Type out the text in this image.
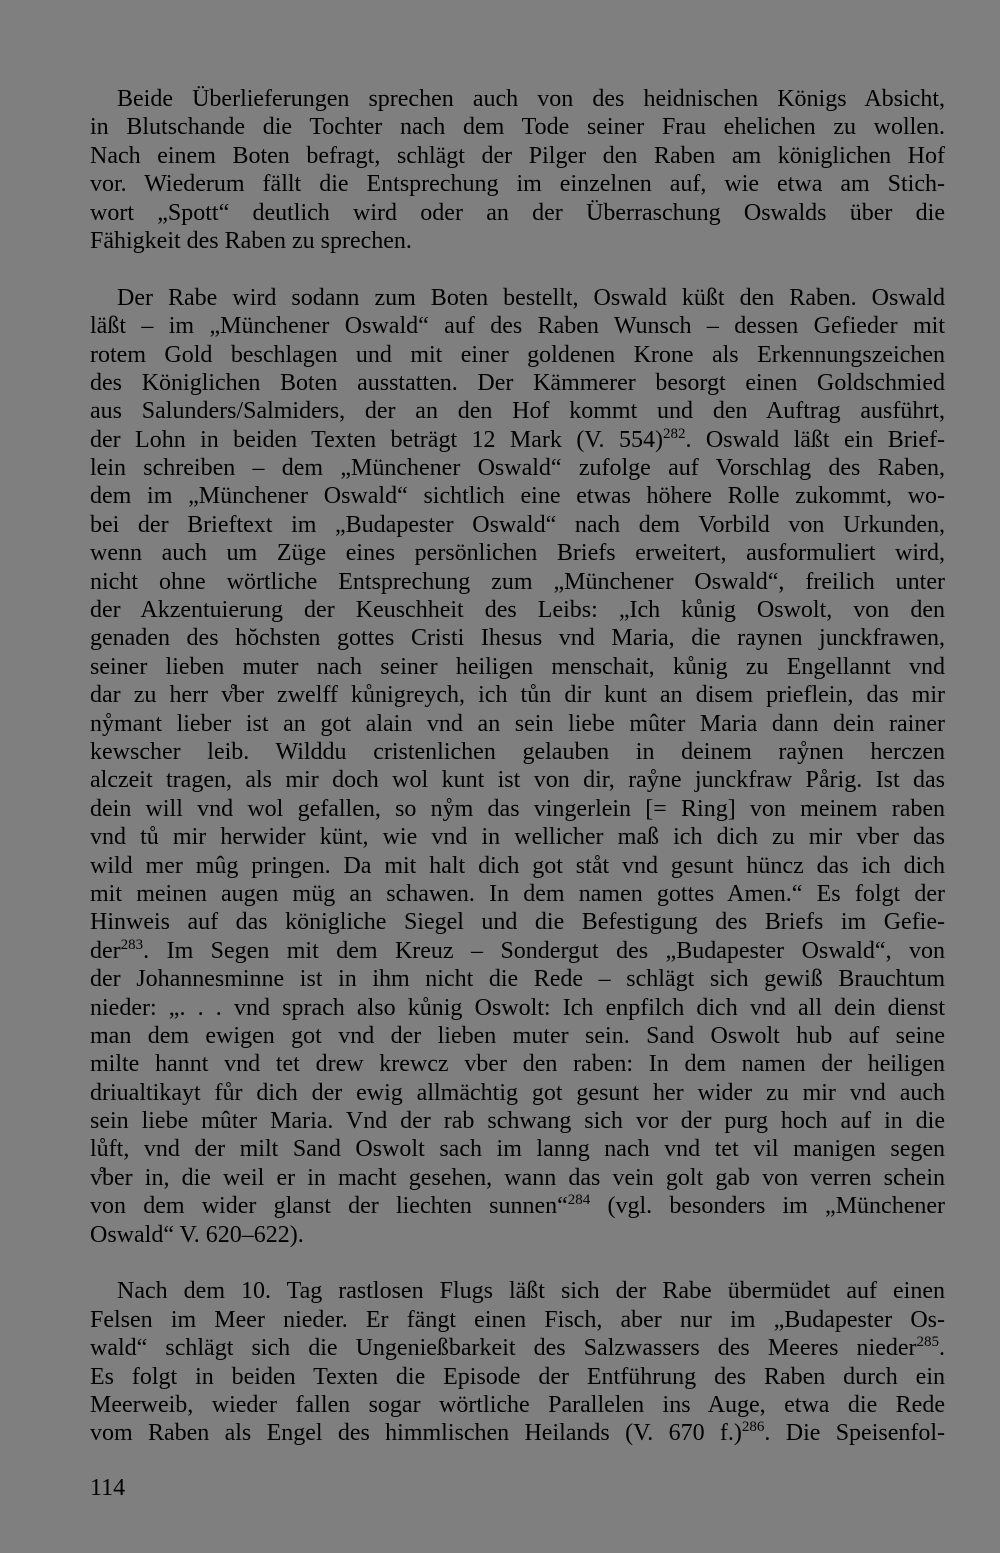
Beide Überlieferungen sprechen auch von des heidnischen Königs Absicht,
in Blutschande die Tochter nach dem Tode seiner Frau ehelichen zu wollen.
Nach einem Boten befragt, schlägt der Pilger den Raben am königlichen Hof
vor. Wiederum fällt die Entsprechung im einzelnen auf, wie etwa am Stich-
wort „Spott“ deutlich wird oder an der Überraschung Oswalds über die
Fähigkeit des Raben zu sprechen.
Der Rabe wird sodann zum Boten bestellt, Oswald küßt den Raben. Oswald
läßt – im „Münchener Oswald“ auf des Raben Wunsch – dessen Gefieder mit
rotem Gold beschlagen und mit einer goldenen Krone als Erkennungszeichen
des Königlichen Boten ausstatten. Der Kämmerer besorgt einen Goldschmied
aus Salunders/Salmiders, der an den Hof kommt und den Auftrag ausführt,
der Lohn in beiden Texten beträgt 12 Mark (V. 554)$^{282}$. Oswald läßt ein Brief-
lein schreiben – dem „Münchener Oswald“ zufolge auf Vorschlag des Raben,
dem im „Münchener Oswald“ sichtlich eine etwas höhere Rolle zukommt, wo-
bei der Brieftext im „Budapester Oswald“ nach dem Vorbild von Urkunden,
wenn auch um Züge eines persönlichen Briefs erweitert, ausformuliert wird,
nicht ohne wörtliche Entsprechung zum „Münchener Oswald“, freilich unter
der Akzentuierung der Keuschheit des Leibs: „Ich kůnig Oswolt, von den
genaden des hŏchsten gottes Cristi Ihesus vnd Maria, die raynen junckfrawen,
seiner lieben muter nach seiner heiligen menschait, kůnig zu Engellannt vnd
dar zu herr v̊ber zwelff kůnigreych, ich tůn dir kunt an disem prieflein, das mir
nẙmant lieber ist an got alain vnd an sein liebe mûter Maria dann dein rainer
kewscher leib. Wilddu cristenlichen gelauben in deinem raẙnen herczen
alczeit tragen, als mir doch wol kunt ist von dir, raẙne junckfraw Pårig. Ist das
dein will vnd wol gefallen, so nẙm das vingerlein [= Ring] von meinem raben
vnd tů mir herwider künt, wie vnd in wellicher maß ich dich zu mir vber das
wild mer mûg pringen. Da mit halt dich got ståt vnd gesunt hüncz das ich dich
mit meinen augen müg an schawen. In dem namen gottes Amen.“ Es folgt der
Hinweis auf das königliche Siegel und die Befestigung des Briefs im Gefie-
der$^{283}$. Im Segen mit dem Kreuz – Sondergut des „Budapester Oswald“, von
der Johannesminne ist in ihm nicht die Rede – schlägt sich gewiß Brauchtum
nieder: „. . . vnd sprach also kůnig Oswolt: Ich enpfilch dich vnd all dein dienst
man dem ewigen got vnd der lieben muter sein. Sand Oswolt hub auf seine
milte hannt vnd tet drew krewcz vber den raben: In dem namen der heiligen
driualtikayt fůr dich der ewig allmächtig got gesunt her wider zu mir vnd auch
sein liebe mûter Maria. Vnd der rab schwang sich vor der purg hoch auf in die
lůft, vnd der milt Sand Oswolt sach im lanng nach vnd tet vil manigen segen
v̊ber in, die weil er in macht gesehen, wann das vein golt gab von verren schein
von dem wider glanst der liechten sunnen“$^{284}$ (vgl. besonders im „Münchener
Oswald“ V. 620–622).
Nach dem 10. Tag rastlosen Flugs läßt sich der Rabe übermüdet auf einen
Felsen im Meer nieder. Er fängt einen Fisch, aber nur im „Budapester Os-
wald“ schlägt sich die Ungenießbarkeit des Salzwassers des Meeres nieder$^{285}$.
Es folgt in beiden Texten die Episode der Entführung des Raben durch ein
Meerweib, wieder fallen sogar wörtliche Parallelen ins Auge, etwa die Rede
vom Raben als Engel des himmlischen Heilands (V. 670 f.)$^{286}$. Die Speisenfol-
114
